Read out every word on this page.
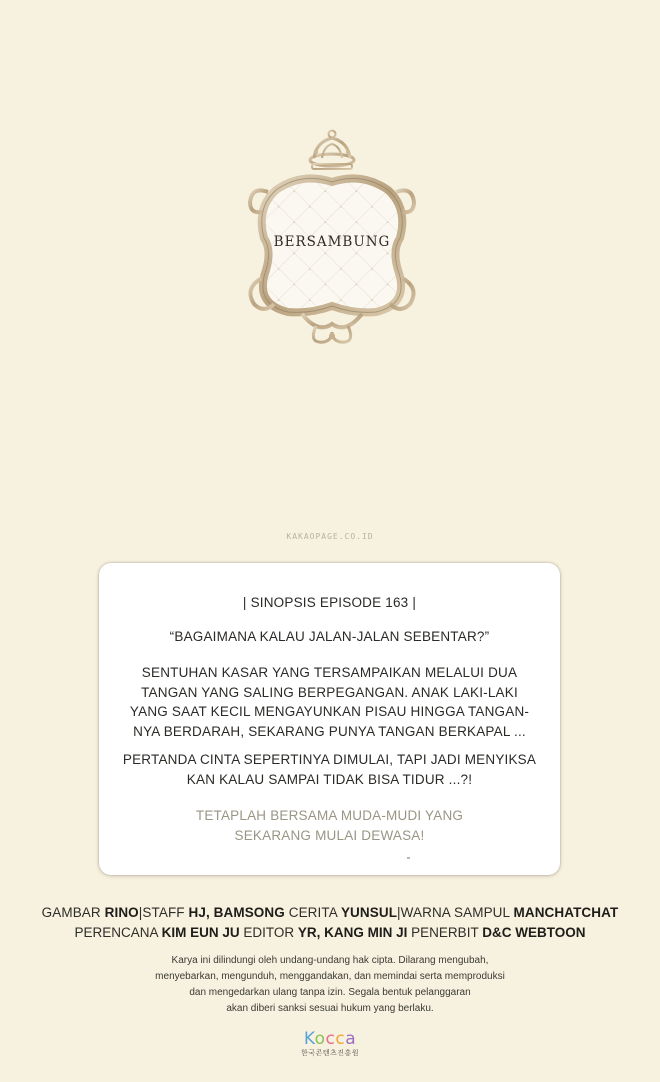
BERSAMBUNG
KAKAOPAGE.CO.ID
| SINOPSIS EPISODE 163 |
“BAGAIMANA KALAU JALAN-JALAN SEBENTAR?”
SENTUHAN KASAR YANG TERSAMPAIKAN MELALUI DUA
TANGAN YANG SALING BERPEGANGAN. ANAK LAKI-LAKI
YANG SAAT KECIL MENGAYUNKAN PISAU HINGGA TANGAN-
NYA BERDARAH, SEKARANG PUNYA TANGAN BERKAPAL ...
PERTANDA CINTA SEPERTINYA DIMULAI, TAPI JADI MENYIKSA
KAN KALAU SAMPAI TIDAK BISA TIDUR ...?!
TETAPLAH BERSAMA MUDA-MUDI YANG
SEKARANG MULAI DEWASA!
GAMBAR RINO|STAFF HJ, BAMSONG CERITA YUNSUL|WARNA SAMPUL MANCHATCHAT
PERENCANA KIM EUN JU EDITOR YR, KANG MIN JI PENERBIT D&C WEBTOON
Karya ini dilindungi oleh undang-undang hak cipta. Dilarang mengubah,
menyebarkan, mengunduh, menggandakan, dan memindai serta memproduksi
dan mengedarkan ulang tanpa izin. Segala bentuk pelanggaran
akan diberi sanksi sesuai hukum yang berlaku.
Kocca
한국콘텐츠진흥원
